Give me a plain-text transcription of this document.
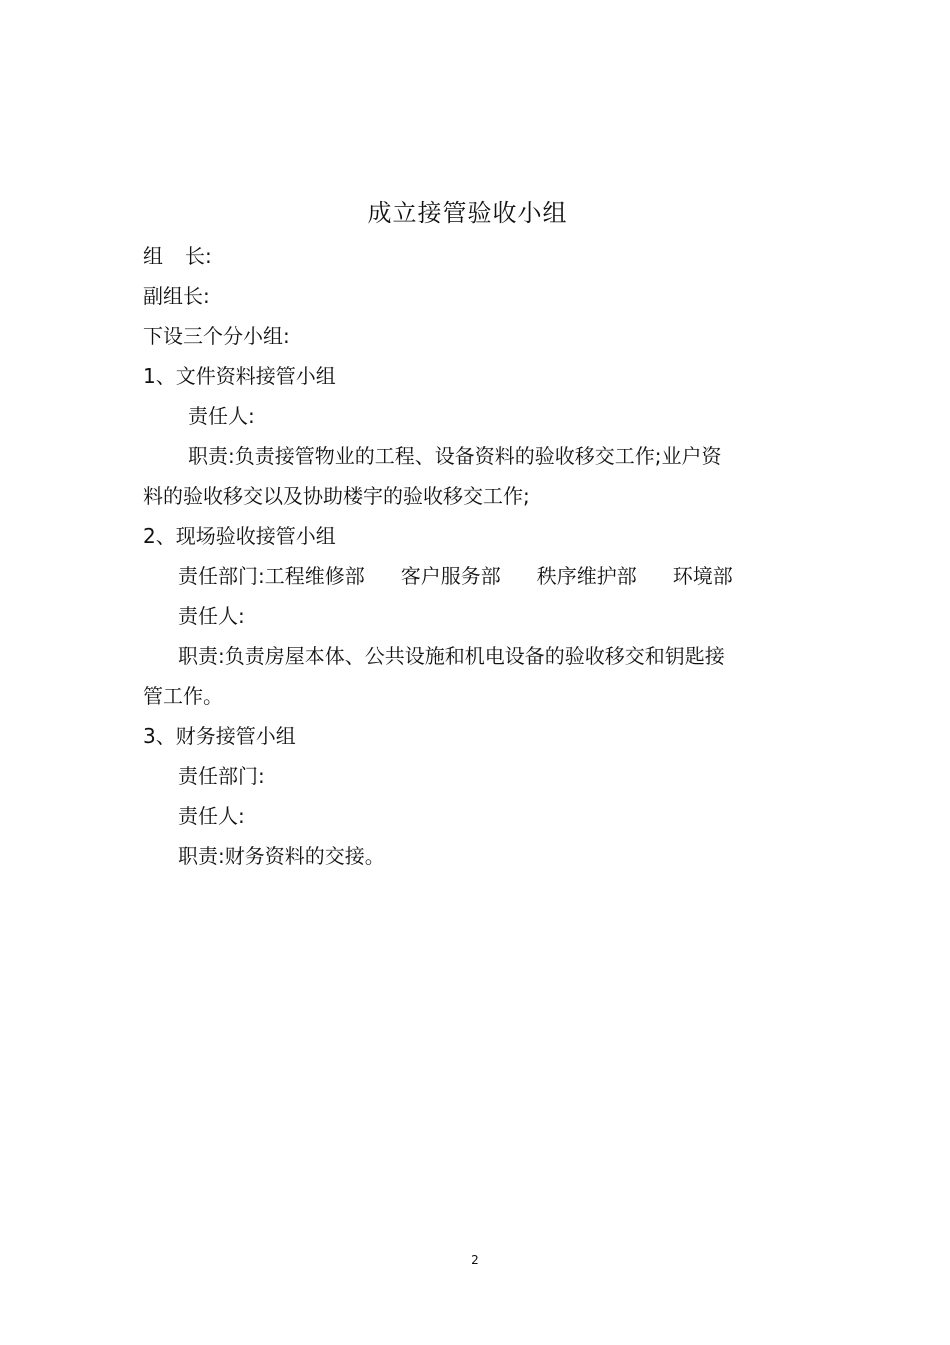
成立接管验收小组
组 长:
副组长:
下设三个分小组:
1、文件资料接管小组
责任人:
职责:负责接管物业的工程、设备资料的验收移交工作;业户资
料的验收移交以及协助楼宇的验收移交工作;
2、现场验收接管小组
责任部门:工程维修部 客户服务部 秩序维护部 环境部
责任人:
职责:负责房屋本体、公共设施和机电设备的验收移交和钥匙接
管工作。
3、财务接管小组
责任部门:
责任人:
职责:财务资料的交接。
2
